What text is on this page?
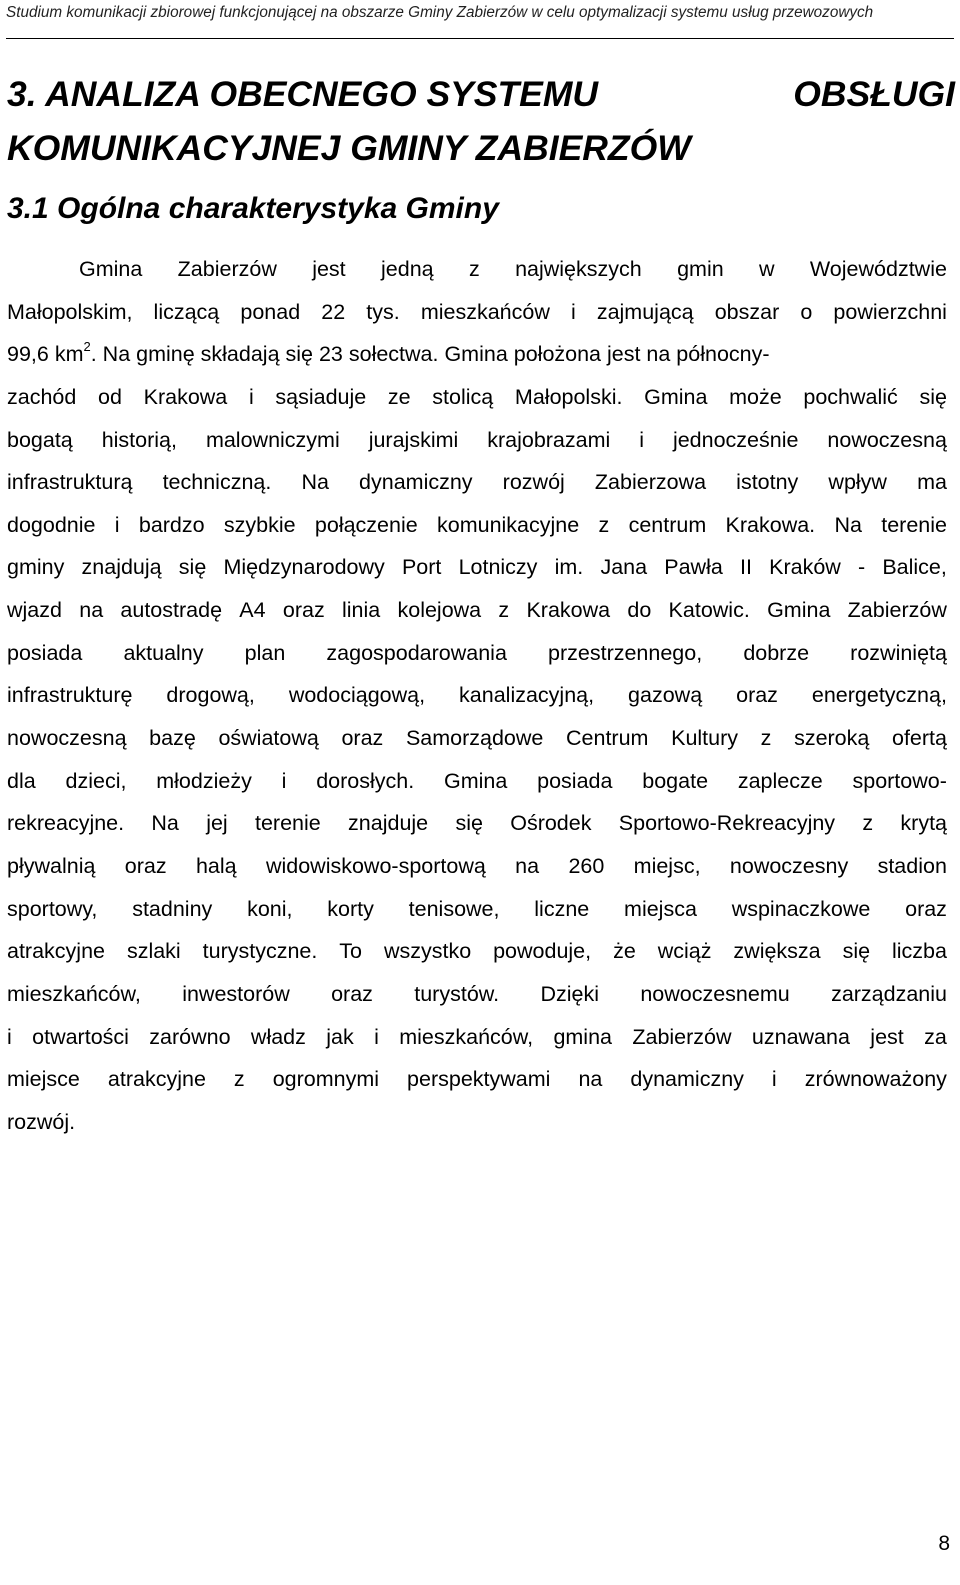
Studium komunikacji zbiorowej funkcjonującej na obszarze Gminy Zabierzów w celu optymalizacji systemu usług przewozowych
3. ANALIZA OBECNEGO SYSTEMU	OBSŁUGI
KOMUNIKACYJNEJ GMINY ZABIERZÓW
3.1 Ogólna charakterystyka Gminy
Gmina Zabierzów jest jedną z największych gmin w Województwie
Małopolskim, liczącą ponad 22 tys. mieszkańców i zajmującą obszar o powierzchni
99,6 $km^2$. Na gminę składają się 23 sołectwa. Gmina położona jest na północny-
zachód od Krakowa i sąsiaduje ze stolicą Małopolski. Gmina może pochwalić się
bogatą historią, malowniczymi jurajskimi krajobrazami i jednocześnie nowoczesną
infrastrukturą techniczną. Na dynamiczny rozwój Zabierzowa istotny wpływ ma
dogodnie i bardzo szybkie połączenie komunikacyjne z centrum Krakowa. Na terenie
gminy znajdują się Międzynarodowy Port Lotniczy im. Jana Pawła II Kraków - Balice,
wjazd na autostradę A4 oraz linia kolejowa z Krakowa do Katowic. Gmina Zabierzów
posiada aktualny plan zagospodarowania przestrzennego, dobrze rozwiniętą
infrastrukturę drogową, wodociągową, kanalizacyjną, gazową oraz energetyczną,
nowoczesną bazę oświatową oraz Samorządowe Centrum Kultury z szeroką ofertą
dla dzieci, młodzieży i dorosłych. Gmina posiada bogate zaplecze sportowo-
rekreacyjne. Na jej terenie znajduje się Ośrodek Sportowo-Rekreacyjny z krytą
pływalnią oraz halą widowiskowo-sportową na 260 miejsc, nowoczesny stadion
sportowy, stadniny koni, korty tenisowe, liczne miejsca wspinaczkowe oraz
atrakcyjne szlaki turystyczne. To wszystko powoduje, że wciąż zwiększa się liczba
mieszkańców, inwestorów oraz turystów. Dzięki nowoczesnemu zarządzaniu
i otwartości zarówno władz jak i mieszkańców, gmina Zabierzów uznawana jest za
miejsce atrakcyjne z ogromnymi perspektywami na dynamiczny i zrównoważony
rozwój.
8
